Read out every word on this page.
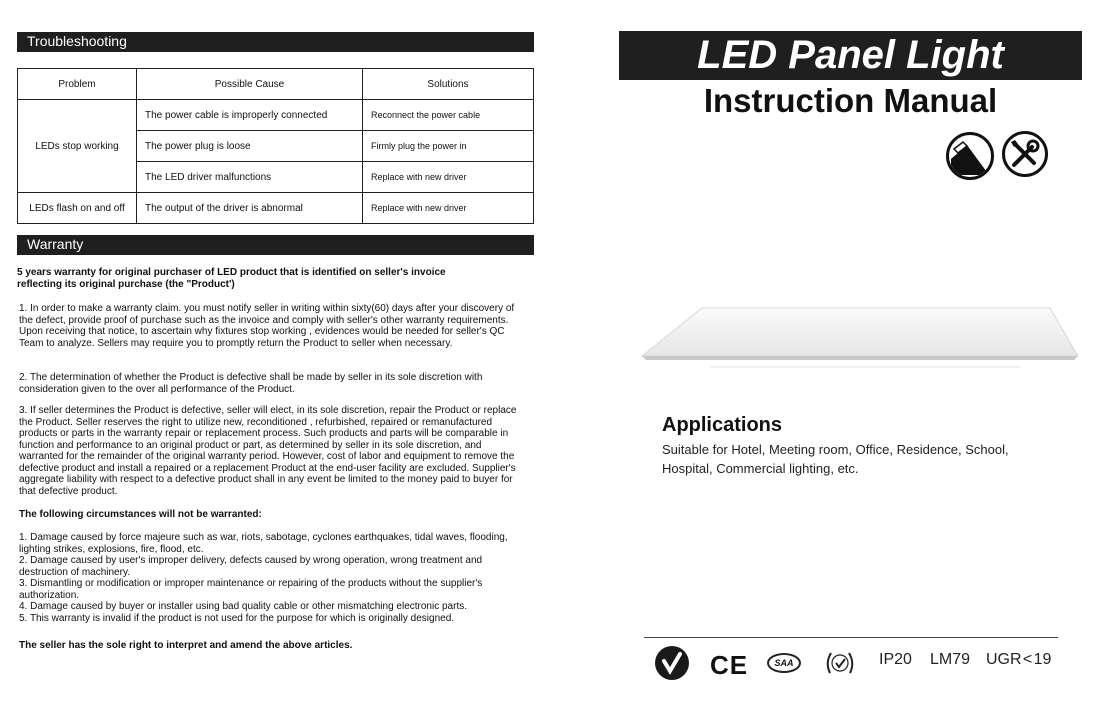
Troubleshooting
Problem	Possible Cause	Solutions
LEDs stop working	The power cable is improperly connected	Reconnect the power cable
	The power plug is loose	Firmly plug the power in
	The LED driver malfunctions	Replace with new driver
LEDs flash on and off	The output of the driver is abnormal	Replace with new driver
Warranty
5 years warranty for original purchaser of LED product that is identified on seller's invoice reflecting its original purchase (the "Product')
1. In order to make a warranty claim. you must notify seller in writing within sixty(60) days after your discovery of the defect, provide proof of purchase such as the invoice and comply with seller's other warranty requirements. Upon receiving that notice, to ascertain why fixtures stop working , evidences would be needed for seller's QC Team to analyze. Sellers may require you to promptly return the Product to seller when necessary.
2. The determination of whether the Product is defective shall be made by seller in its sole discretion with consideration given to the over all performance of the Product.
3. If seller determines the Product is defective, seller will elect, in its sole discretion, repair the Product or replace the Product. Seller reserves the right to utilize new, reconditioned , refurbished, repaired or remanufactured products or parts in the warranty repair or replacement process. Such products and parts will be comparable in function and performance to an original product or part, as determined by seller in its sole discretion, and warranted for the remainder of the original warranty period. However, cost of labor and equipment to remove the defective product and install a repaired or a replacement Product at the end-user facility are excluded. Supplier's aggregate liability with respect to a defective product shall in any event be limited to the money paid to buyer for that defective product.
The following circumstances will not be warranted:

1. Damage caused by force majeure such as war, riots, sabotage, cyclones earthquakes, tidal waves, flooding, lighting strikes, explosions, fire, flood, etc.

2. Damage caused by user's improper delivery, defects caused by wrong operation, wrong treatment and destruction of machinery.

3. Dismantling or modification or improper maintenance or repairing of the products without the supplier's authorization.

4. Damage caused by buyer or installer using bad quality cable or other mismatching electronic parts.

5. This warranty is invalid if the product is not used for the purpose for which is originally designed.

The seller has the sole right to interpret and amend the above articles.
LED Panel Light
Instruction Manual
Applications
Suitable for Hotel, Meeting room, Office, Residence, School, Hospital, Commercial lighting, etc.
CE	SAA	IP20 LM79 UGR < 19
